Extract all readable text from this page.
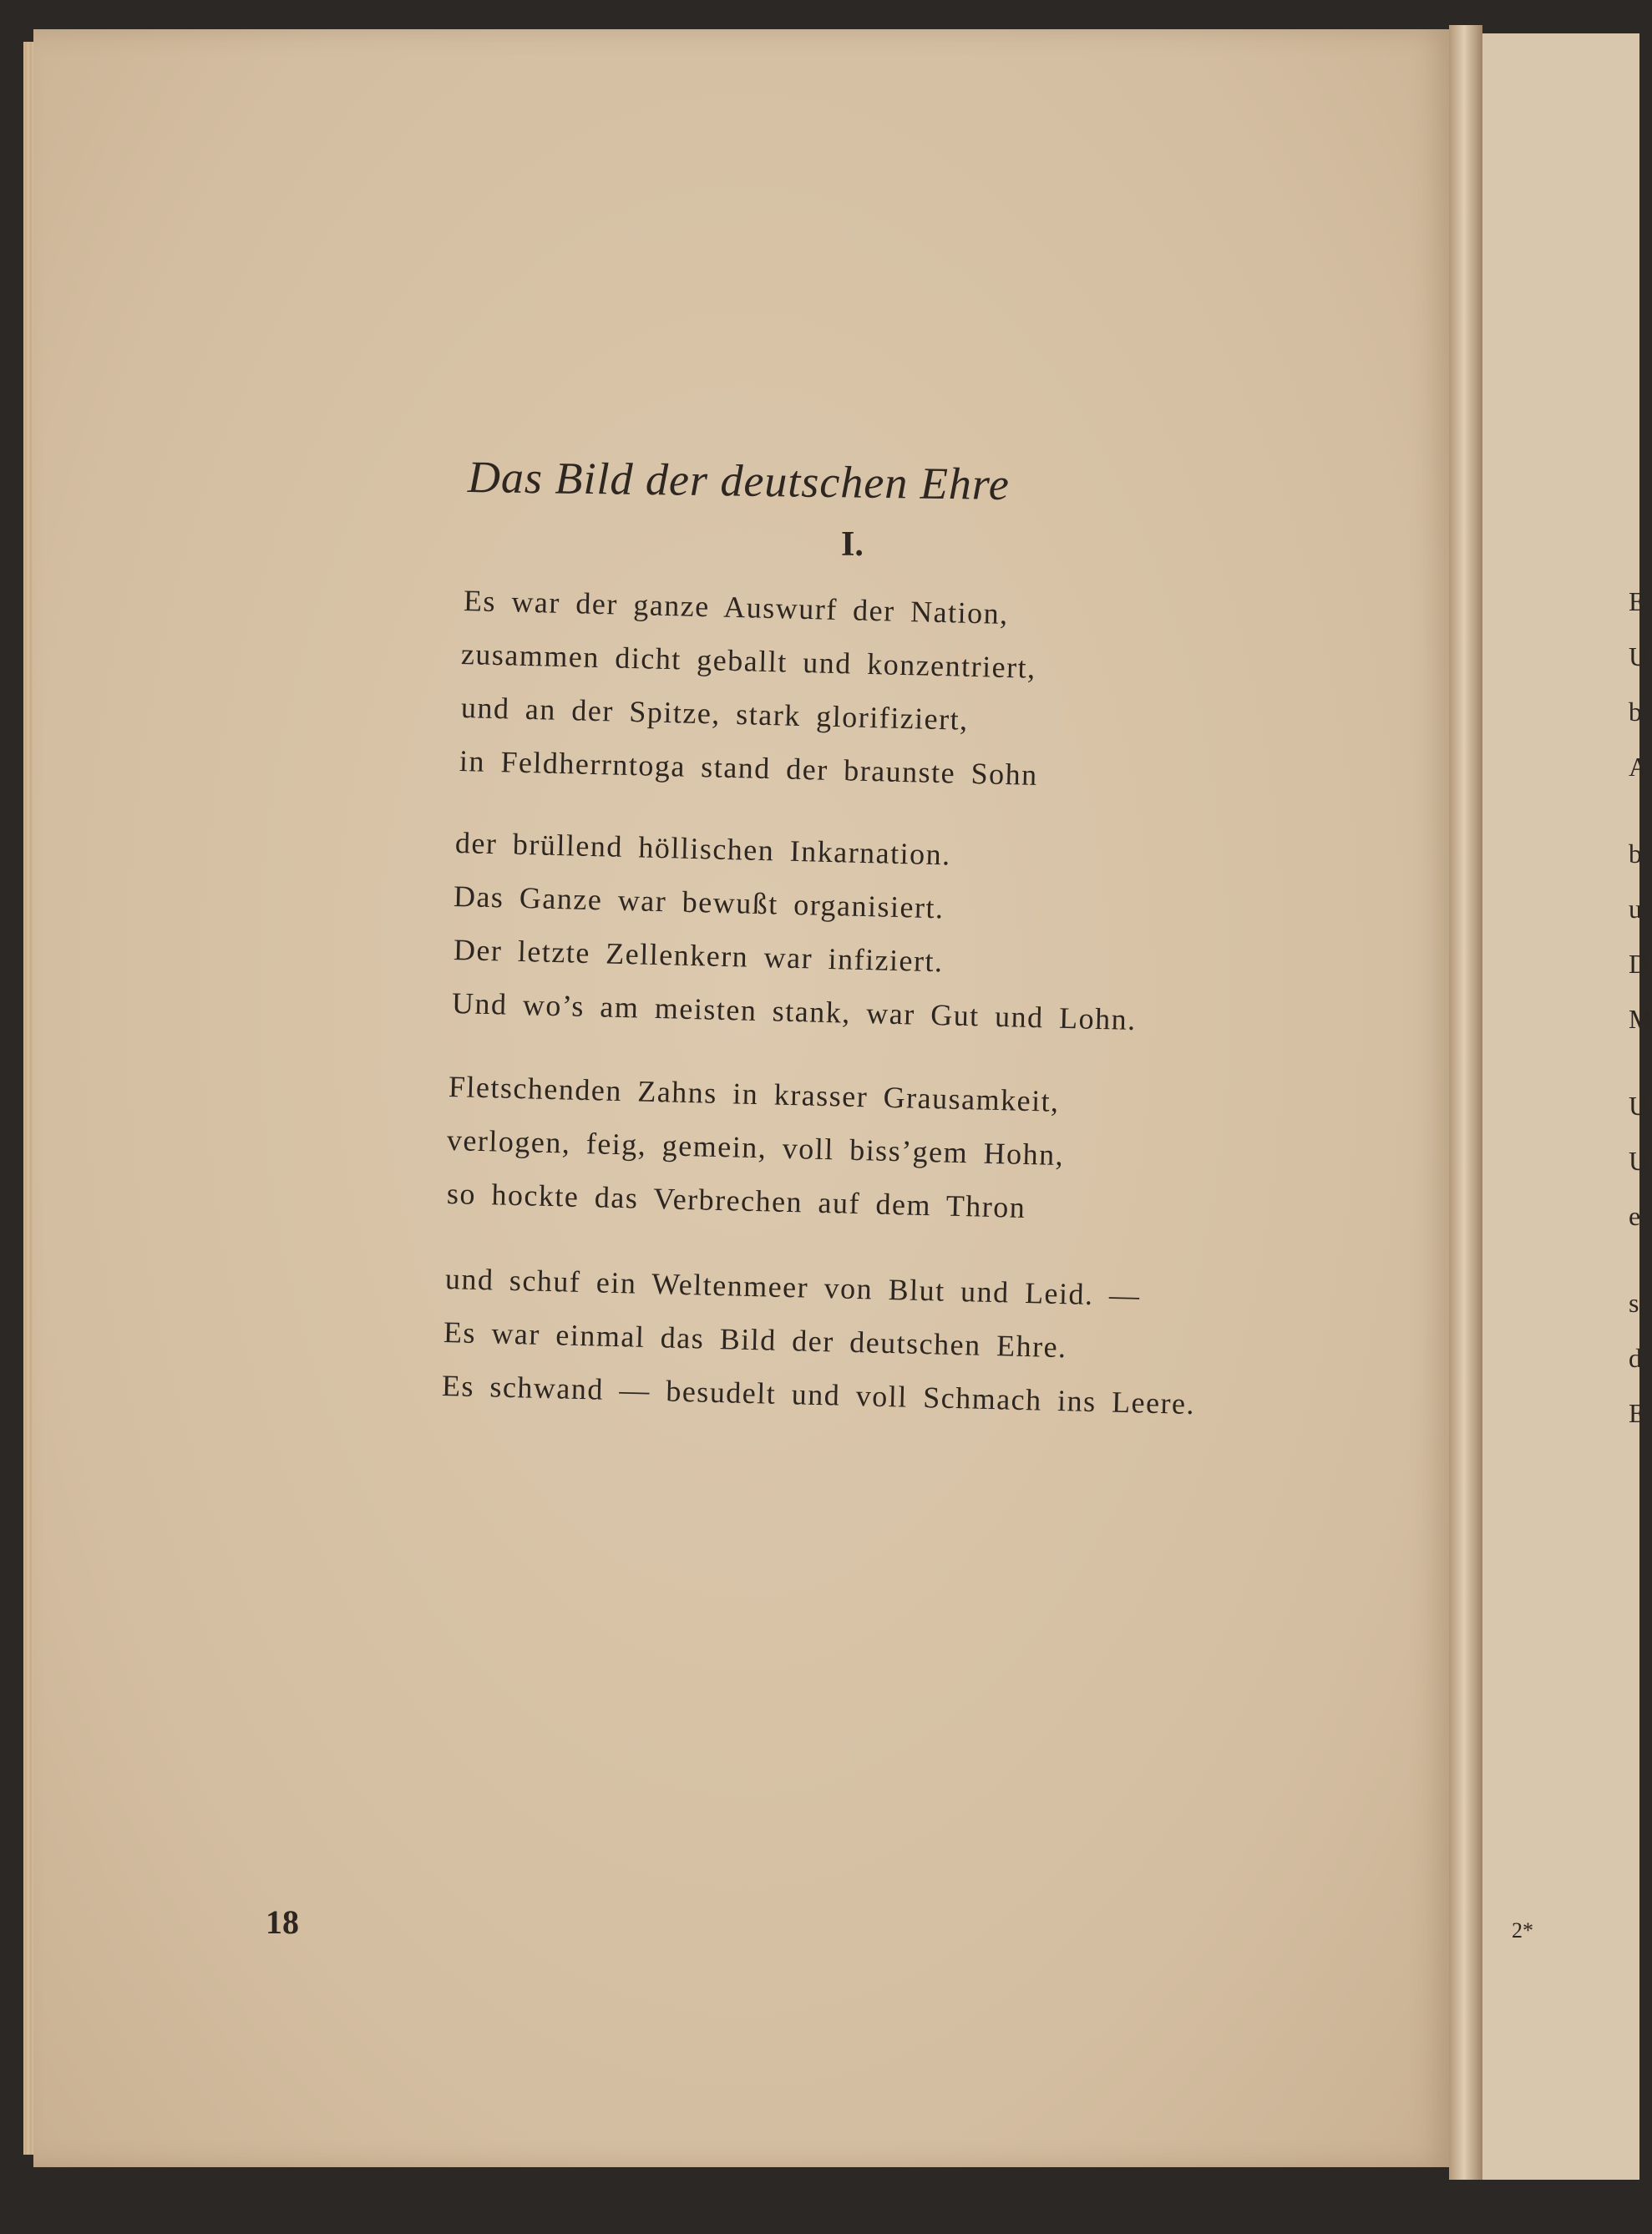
Das Bild der deutschen Ehre
I.
Es war der ganze Auswurf der Nation,
zusammen dicht geballt und konzentriert,
und an der Spitze, stark glorifiziert,
in Feldherrntoga stand der braunste Sohn
der brüllend höllischen Inkarnation.
Das Ganze war bewußt organisiert.
Der letzte Zellenkern war infiziert.
Und wo’s am meisten stank, war Gut und Lohn.
Fletschenden Zahns in krasser Grausamkeit,
verlogen, feig, gemein, voll biss’gem Hohn,
so hockte das Verbrechen auf dem Thron
und schuf ein Weltenmeer von Blut und Leid. —
Es war einmal das Bild der deutschen Ehre.
Es schwand — besudelt und voll Schmach ins Leere.
18	2*
E
U
b
A
b
u
D
M
U
U
e
s
d
E
